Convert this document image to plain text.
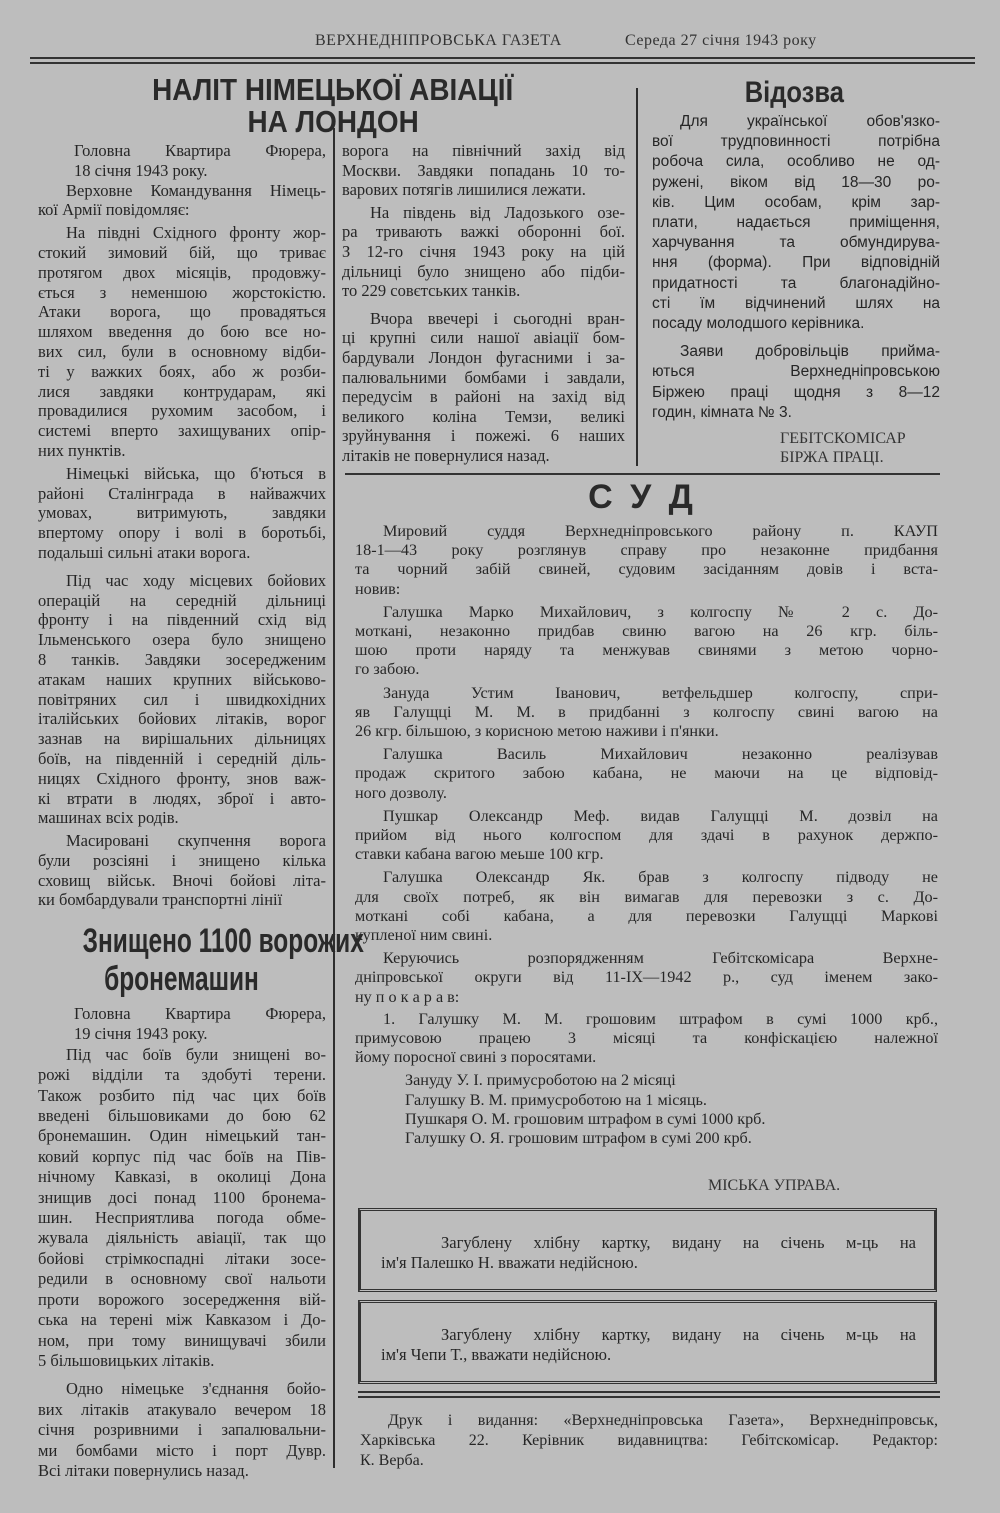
ВЕРХНЕДНІПРОВСЬКА ГАЗЕТА	Середа 27 січня 1943 року
НАЛІТ НІМЕЦЬКОЇ АВІАЦІЇ
НА ЛОНДОН
Головна Квартира Фюрера,
18 січня 1943 року.
Верховне Командування Німець-
кої Армії повідомляє:
На півдні Східного фронту жор-
стокий зимовий бій, що триває
протягом двох місяців, продовжу-
ється з неменшою жорстокістю.
Атаки ворога, що провадяться
шляхом введення до бою все но-
вих сил, були в основному відби-
ті у важких боях, або ж розби-
лися завдяки контрударам, які
провадилися рухомим засобом, і
системі вперто захищуваних опір-
них пунктів.
Німецькі війська, що б'ються в
районі Сталінграда в найважчих
умовах, витримують, завдяки
впертому опору і волі в боротьбі,
подальші сильні атаки ворога.
Під час ходу місцевих бойових
операцій на середній дільниці
фронту і на південний схід від
Ільменського озера було знищено
8 танків. Завдяки зосередженим
атакам наших крупних військово-
повітряних сил і швидкохідних
італійських бойових літаків, ворог
зазнав на вирішальних дільницях
боїв, на південній і середній діль-
ницях Східного фронту, знов важ-
кі втрати в людях, зброї і авто-
машинах всіх родів.
Масировані скупчення ворога
були розсіяні і знищено кілька
сховищ військ. Вночі бойові літа-
ки бомбардували транспортні лінії
ворога на північний захід від
Москви. Завдяки попадань 10 то-
варових потягів лишилися лежати.
На південь від Ладозького озе-
ра тривають важкі оборонні бої.
З 12-го січня 1943 року на цій
дільниці було знищено або підби-
то 229 совєтських танків.
Вчора ввечері і сьогодні вран-
ці крупні сили нашої авіації бом-
бардували Лондон фугасними і за-
палювальними бомбами і завдали,
передусім в районі на захід від
великого коліна Темзи, великі
зруйнування і пожежі. 6 наших
літаків не повернулися назад.
Знищено 1100 ворожих
бронемашин
Головна Квартира Фюрера,
19 січня 1943 року.
Під час боїв були знищені во-
рожі відділи та здобуті терени.
Також розбито під час цих боїв
введені більшовиками до бою 62
бронемашин. Один німецький тан-
ковий корпус під час боїв на Пів-
нічному Кавказі, в околиці Дона
знищив досі понад 1100 бронема-
шин. Несприятлива погода обме-
жувала діяльність авіації, так що
бойові стрімкоспадні літаки зосе-
редили в основному свої нальоти
проти ворожого зосередження вій-
ська на терені між Кавказом і До-
ном, при тому винищувачі збили
5 більшовицьких літаків.
Одно німецьке з'єднання бойо-
вих літаків атакувало вечером 18
січня розривними і запалювальни-
ми бомбами місто і порт Дувр.
Всі літаки повернулись назад.
Відозва
Для української обов'язко-
вої трудповинності потрібна
робоча сила, особливо не од-
ружені, віком від 18—30 ро-
ків. Цим особам, крім зар-
плати, надається приміщення,
харчування та обмундирува-
ння (форма). При відповідній
придатності та благонадійно-
сті їм відчинений шлях на
посаду молодшого керівника.
Заяви добровільців прийма-
ються Верхнедніпровською
Біржею праці щодня з 8—12
годин, кімната № 3.
ГЕБІТСКОМІСАР
БІРЖА ПРАЦІ.
С У Д
Мировий суддя Верхнедніпровського району п. КАУП
18-1—43 року розглянув справу про незаконне придбання
та чорний забій свиней, судовим засіданням довів і вста-
новив:
Галушка Марко Михайлович, з колгоспу № 2 с. До-
моткані, незаконно придбав свиню вагою на 26 кгр. біль-
шою проти наряду та менжував свинями з метою чорно-
го забою.
Зануда Устим Іванович, ветфельдшер колгоспу, спри-
яв Галущці М. М. в придбанні з колгоспу свині вагою на
26 кгр. більшою, з корисною метою наживи і п'янки.
Галушка Василь Михайлович незаконно реалізував
продаж скритого забою кабана, не маючи на це відповід-
ного дозволу.
Пушкар Олександр Меф. видав Галущці М. дозвіл на
прийом від нього колгоспом для здачі в рахунок держпо-
ставки кабана вагою меьше 100 кгр.
Галушка Олександр Як. брав з колгоспу підводу не
для своїх потреб, як він вимагав для перевозки з с. До-
моткані собі кабана, а для перевозки Галущці Маркові
купленої ним свині.
Керуючись розпорядженням Гебітскомісара Верхне-
дніпровської округи від 11-ІХ—1942 р., суд іменем зако-
ну п о к а р а в:
1. Галушку М. М. грошовим штрафом в сумі 1000 крб.,
примусовою працею 3 місяці та конфіскацією належної
йому поросної свині з поросятами.
Зануду У. І. примусроботою на 2 місяці
Галушку В. М. примусроботою на 1 місяць.
Пушкаря О. М. грошовим штрафом в сумі 1000 крб.
Галушку О. Я. грошовим штрафом в сумі 200 крб.
МІСЬКА УПРАВА.
Загублену хлібну картку, видану на січень м-ць на
ім'я Палешко Н. вважати недійсною.
Загублену хлібну картку, видану на січень м-ць на
ім'я Чепи Т., вважати недійсною.
Друк і видання: «Верхнедніпровська Газета», Верхнедніпровськ,
Харківська 22. Керівник видавництва: Гебітскомісар. Редактор:
К. Верба.
